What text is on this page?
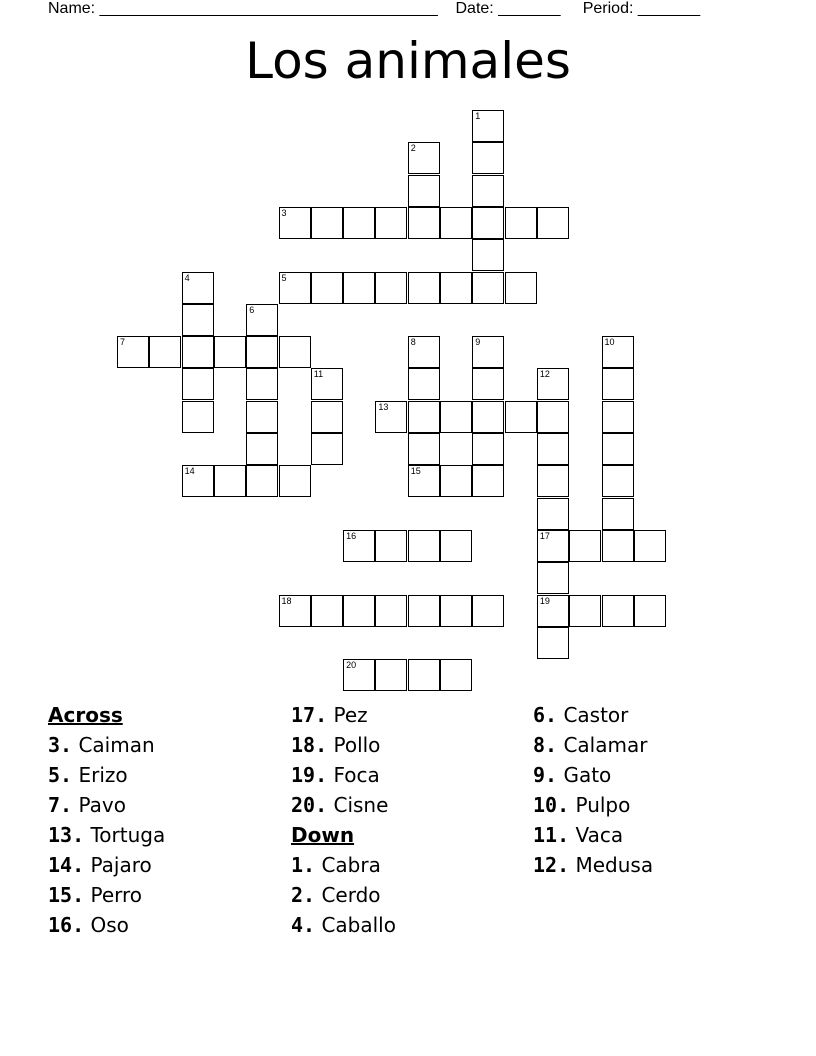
Name: ______________________________________ Date: _______ Period: _______
Los animales
1
2
3
4	5
6
7	8
15
9	10
11	12
17
19
13
14
16
18
20
Across
3. Caiman
5. Erizo
7. Pavo
13. Tortuga
14. Pajaro
15. Perro
16. Oso
17. Pez
18. Pollo
19. Foca
20. Cisne
Down
1. Cabra
2. Cerdo
4. Caballo
6. Castor
8. Calamar
9. Gato
10. Pulpo
11. Vaca
12. Medusa
